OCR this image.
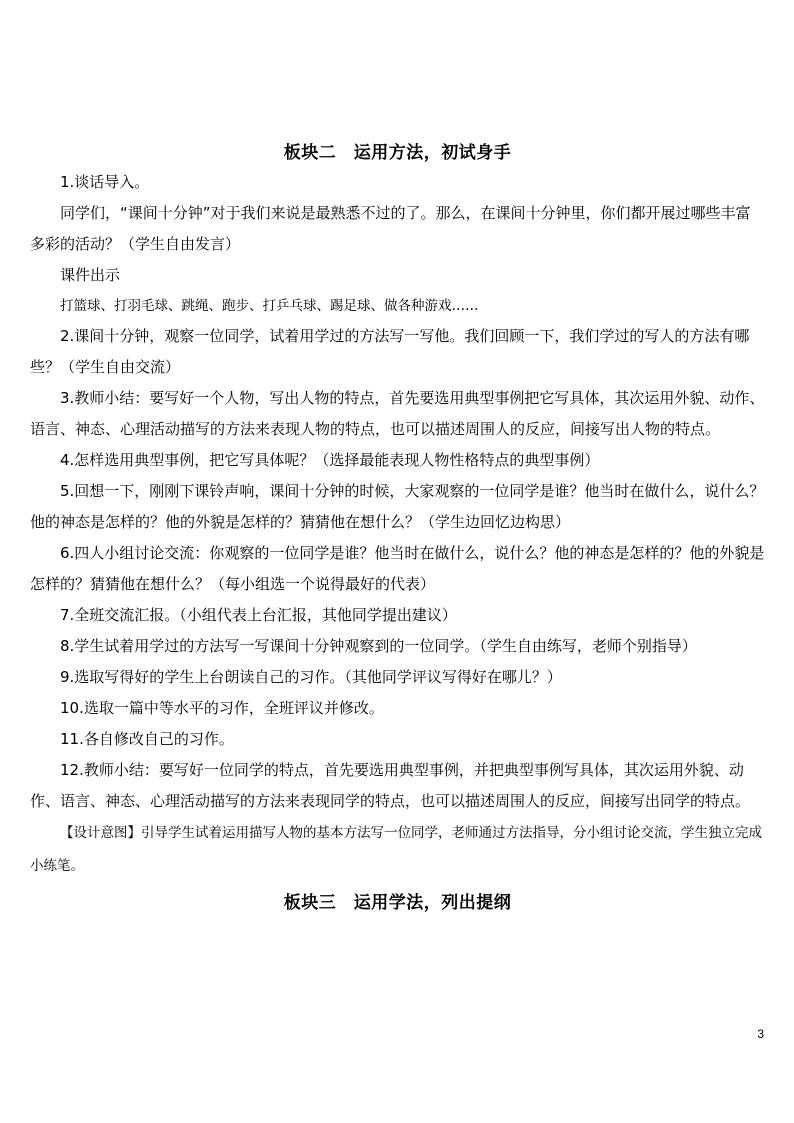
板块二　运用方法，初试身手

1.谈话导入。

同学们，“课间十分钟”对于我们来说是最熟悉不过的了。那么，在课间十分钟里，你们都开展过哪些丰富多彩的活动？（学生自由发言）

课件出示

打篮球、打羽毛球、跳绳、跑步、打乒乓球、踢足球、做各种游戏……

2.课间十分钟，观察一位同学，试着用学过的方法写一写他。我们回顾一下，我们学过的写人的方法有哪些？（学生自由交流）

3.教师小结：要写好一个人物，写出人物的特点，首先要选用典型事例把它写具体，其次运用外貌、动作、语言、神态、心理活动描写的方法来表现人物的特点，也可以描述周围人的反应，间接写出人物的特点。

4.怎样选用典型事例，把它写具体呢？（选择最能表现人物性格特点的典型事例）

5.回想一下，刚刚下课铃声响，课间十分钟的时候，大家观察的一位同学是谁？他当时在做什么，说什么？他的神态是怎样的？他的外貌是怎样的？猜猜他在想什么？（学生边回忆边构思）

6.四人小组讨论交流：你观察的一位同学是谁？他当时在做什么，说什么？他的神态是怎样的？他的外貌是怎样的？猜猜他在想什么？（每小组选一个说得最好的代表）

7.全班交流汇报。（小组代表上台汇报，其他同学提出建议）

8.学生试着用学过的方法写一写课间十分钟观察到的一位同学。（学生自由练写，老师个别指导）

9.选取写得好的学生上台朗读自己的习作。（其他同学评议写得好在哪儿？）

10.选取一篇中等水平的习作，全班评议并修改。

11.各自修改自己的习作。

12.教师小结：要写好一位同学的特点，首先要选用典型事例，并把典型事例写具体，其次运用外貌、动作、语言、神态、心理活动描写的方法来表现同学的特点，也可以描述周围人的反应，间接写出同学的特点。

【设计意图】引导学生试着运用描写人物的基本方法写一位同学，老师通过方法指导，分小组讨论交流，学生独立完成小练笔。

板块三　运用学法，列出提纲
3
